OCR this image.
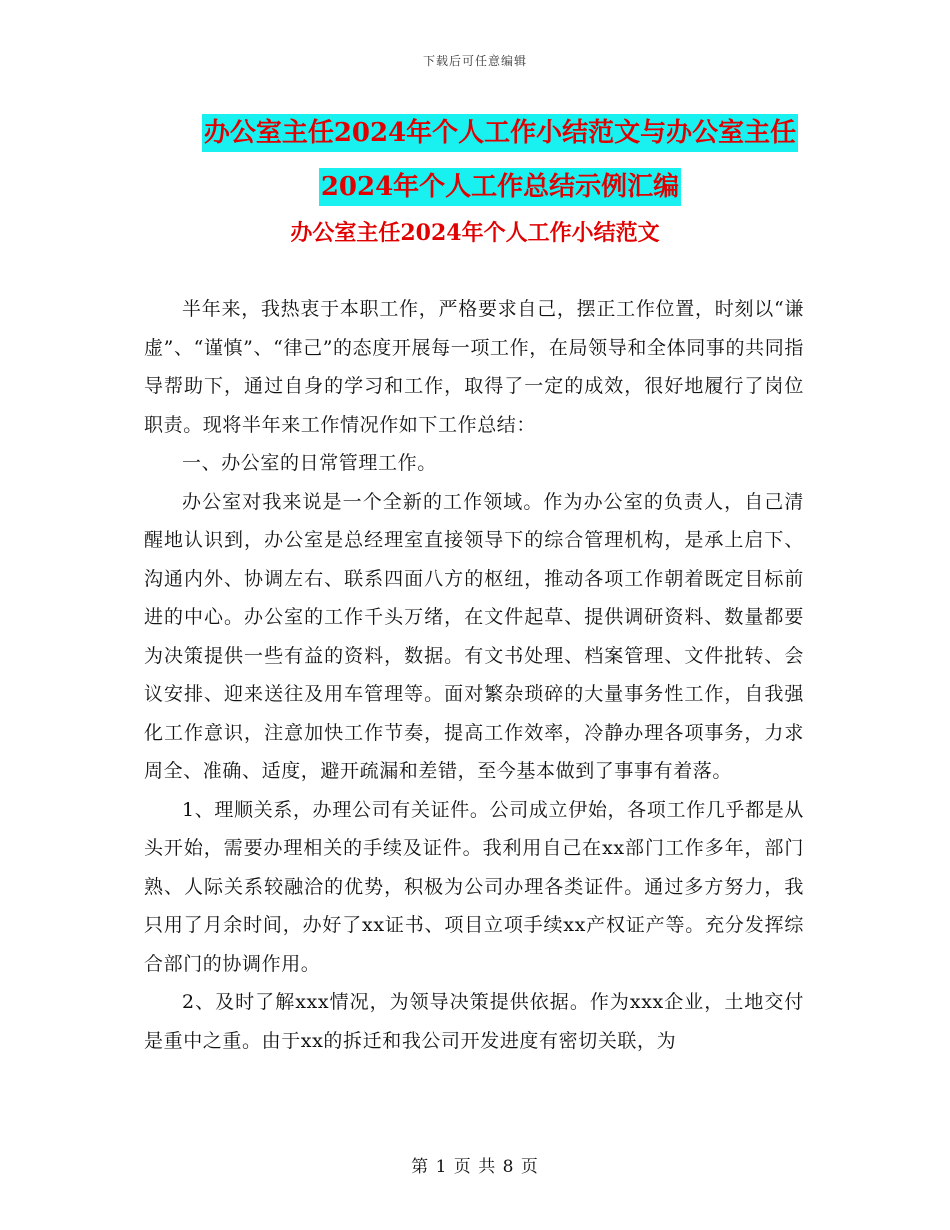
下载后可任意编辑
办公室主任2024年个人工作小结范文与办公室主任
2024年个人工作总结示例汇编
办公室主任2024年个人工作小结范文

半年来，我热衷于本职工作，严格要求自己，摆正工作位置，时刻以“谦虚”、“谨慎”、“律己”的态度开展每一项工作，在局领导和全体同事的共同指导帮助下，通过自身的学习和工作，取得了一定的成效，很好地履行了岗位职责。现将半年来工作情况作如下工作总结：

一、办公室的日常管理工作。

办公室对我来说是一个全新的工作领域。作为办公室的负责人，自己清醒地认识到，办公室是总经理室直接领导下的综合管理机构，是承上启下、沟通内外、协调左右、联系四面八方的枢纽，推动各项工作朝着既定目标前进的中心。办公室的工作千头万绪，在文件起草、提供调研资料、数量都要为决策提供一些有益的资料，数据。有文书处理、档案管理、文件批转、会议安排、迎来送往及用车管理等。面对繁杂琐碎的大量事务性工作，自我强化工作意识，注意加快工作节奏，提高工作效率，冷静办理各项事务，力求周全、准确、适度，避开疏漏和差错，至今基本做到了事事有着落。

1、理顺关系，办理公司有关证件。公司成立伊始，各项工作几乎都是从头开始，需要办理相关的手续及证件。我利用自己在xx部门工作多年，部门熟、人际关系较融洽的优势，积极为公司办理各类证件。通过多方努力，我只用了月余时间，办好了xx证书、项目立项手续xx产权证产等。充分发挥综合部门的协调作用。

2、及时了解xxx情况，为领导决策提供依据。作为xxx企业，土地交付是重中之重。由于xx的拆迁和我公司开发进度有密切关联，为

第 1 页 共 8 页
